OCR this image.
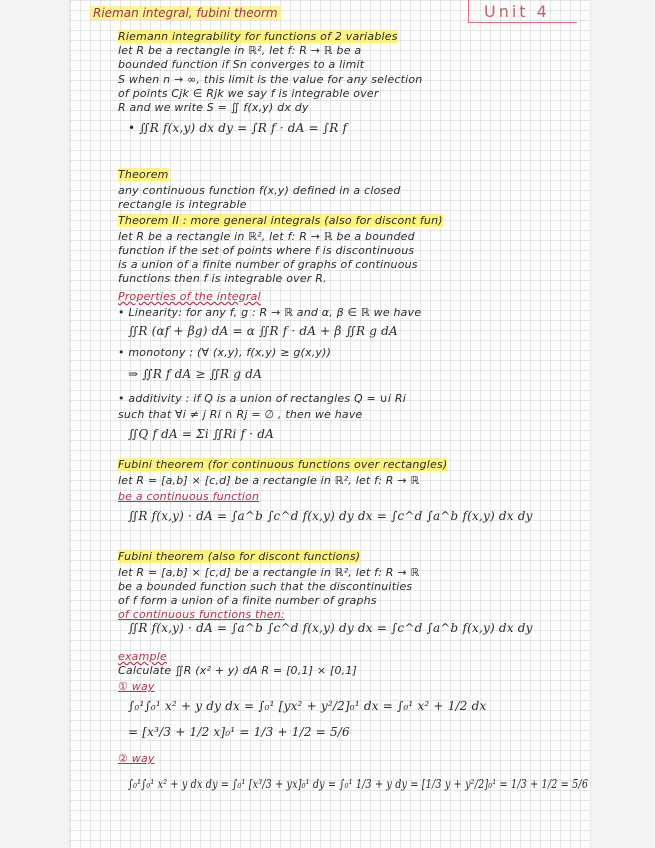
Rieman integral, fubini theorm	Unit 4
Riemann integrability for functions of 2 variables
let R be a rectangle in ℝ², let f: R → ℝ be a
bounded function if Sn converges to a limit
S when n → ∞, this limit is the value for any selection
of points Cjk ∈ Rjk we say f is integrable over
R and we write S = ∬ f(x,y) dx dy
• ∬R f(x,y) dx dy = ∫R f · dA = ∫R f
Theorem
any continuous function f(x,y) defined in a closed
rectangle is integrable
Theorem II : more general integrals (also for discont fun)
let R be a rectangle in ℝ², let f: R → ℝ be a bounded
function if the set of points where f is discontinuous
is a union of a finite number of graphs of continuous
functions then f is integrable over R.
Properties of the integral
• Linearity: for any f, g : R → ℝ and α, β ∈ ℝ we have
∬R (αf + βg) dA = α ∬R f · dA + β ∬R g dA
• monotony : (∀ (x,y), f(x,y) ≥ g(x,y))
⇒ ∬R f dA ≥ ∬R g dA
• additivity : if Q is a union of rectangles Q = ∪i Ri
such that ∀i ≠ j Ri ∩ Rj = ∅ , then we have
∬Q f dA = Σi ∬Ri f · dA
Fubini theorem (for continuous functions over rectangles)
let R = [a,b] × [c,d] be a rectangle in ℝ², let f: R → ℝ
be a continuous function
∬R f(x,y) · dA = ∫a^b ∫c^d f(x,y) dy dx = ∫c^d ∫a^b f(x,y) dx dy
Fubini theorem (also for discont functions)
let R = [a,b] × [c,d] be a rectangle in ℝ², let f: R → ℝ
be a bounded function such that the discontinuities
of f form a union of a finite number of graphs
of continuous functions then:
∬R f(x,y) · dA = ∫a^b ∫c^d f(x,y) dy dx = ∫c^d ∫a^b f(x,y) dx dy
example
Calculate ∬R (x² + y) dA R = [0,1] × [0,1]
① way
∫₀¹∫₀¹ x² + y dy dx = ∫₀¹ [yx² + y²/2]₀¹ dx = ∫₀¹ x² + 1/2 dx
= [x³/3 + 1/2 x]₀¹ = 1/3 + 1/2 = 5/6
② way
∫₀¹∫₀¹ x² + y dx dy = ∫₀¹ [x³/3 + yx]₀¹ dy = ∫₀¹ 1/3 + y dy = [1/3 y + y²/2]₀¹ = 1/3 + 1/2 = 5/6
